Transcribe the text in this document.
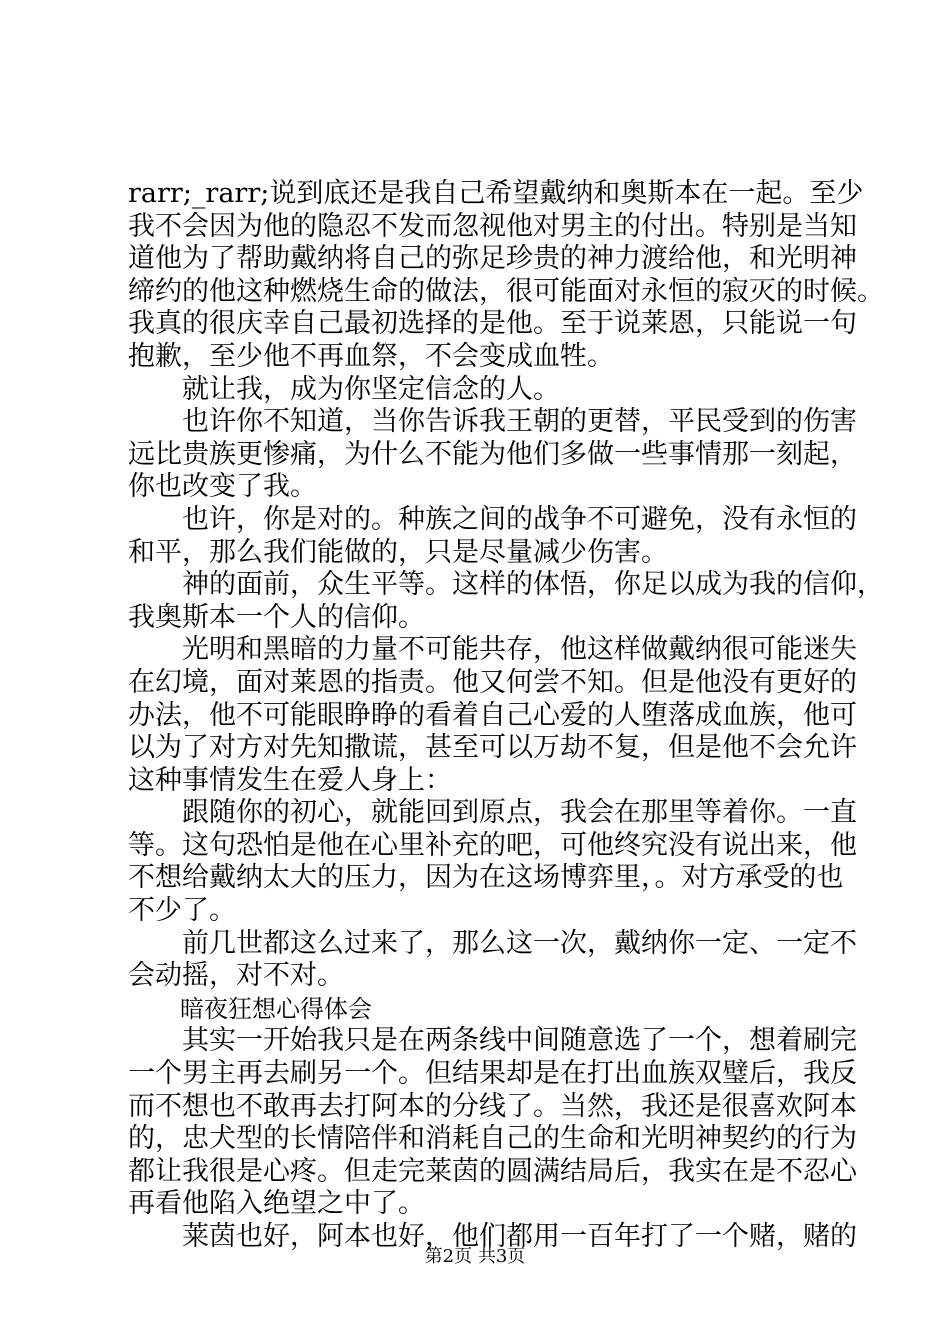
rarr;_rarr;说到底还是我自己希望戴纳和奥斯本在一起。至少
我不会因为他的隐忍不发而忽视他对男主的付出。特别是当知
道他为了帮助戴纳将自己的弥足珍贵的神力渡给他，和光明神
缔约的他这种燃烧生命的做法，很可能面对永恒的寂灭的时候。
我真的很庆幸自己最初选择的是他。至于说莱恩，只能说一句
抱歉，至少他不再血祭，不会变成血牲。
就让我，成为你坚定信念的人。
也许你不知道，当你告诉我王朝的更替，平民受到的伤害
远比贵族更惨痛，为什么不能为他们多做一些事情那一刻起，
你也改变了我。
也许，你是对的。种族之间的战争不可避免，没有永恒的
和平，那么我们能做的，只是尽量减少伤害。
神的面前，众生平等。这样的体悟，你足以成为我的信仰，
我奥斯本一个人的信仰。
光明和黑暗的力量不可能共存，他这样做戴纳很可能迷失
在幻境，面对莱恩的指责。他又何尝不知。但是他没有更好的
办法，他不可能眼睁睁的看着自己心爱的人堕落成血族，他可
以为了对方对先知撒谎，甚至可以万劫不复，但是他不会允许
这种事情发生在爱人身上：
跟随你的初心，就能回到原点，我会在那里等着你。一直
等。这句恐怕是他在心里补充的吧，可他终究没有说出来，他
不想给戴纳太大的压力，因为在这场博弈里，。对方承受的也
不少了。
前几世都这么过来了，那么这一次，戴纳你一定、一定不
会动摇，对不对。
暗夜狂想心得体会
其实一开始我只是在两条线中间随意选了一个，想着刷完
一个男主再去刷另一个。但结果却是在打出血族双璧后，我反
而不想也不敢再去打阿本的分线了。当然，我还是很喜欢阿本
的，忠犬型的长情陪伴和消耗自己的生命和光明神契约的行为
都让我很是心疼。但走完莱茵的圆满结局后，我实在是不忍心
再看他陷入绝望之中了。
莱茵也好，阿本也好，他们都用一百年打了一个赌，赌的
第2页 共3页
